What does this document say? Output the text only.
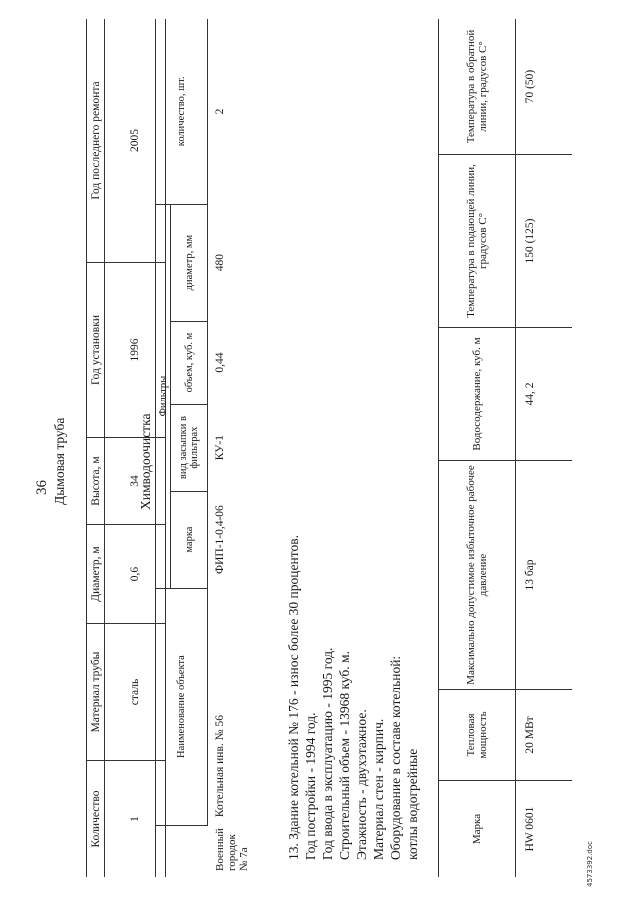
36 Дымовая труба
Количество	Материал трубы	Диаметр, м	Высота, м	Год установки	Год последнего ремонта
1	сталь	0,6	34	1996	2005
Химводоочистка
	Наименование объекта	Фильтры				количество, шт.
		марка	вид засыпки в фильтрах	объем, куб. м	диаметр, мм	
Военный городок № 7а	Котельная инв. № 56	ФИП-1-0,4-06	КУ-1	0,44	480	2
13. Здание котельной № 176 - износ более 30 процентов. Год постройки - 1994 год. Год ввода в эксплуатацию - 1995 год. Строительный объем - 13968 куб. м. Этажность - двухэтажное. Материал стен - кирпич. Оборудование в составе котельной: котлы водогрейные	Марка	Тепловая мощность	Максимально допустимое избыточное рабочее давление	Водосодержание, куб. м	Температура в подающей линии, градусов С°	Температура в обратной линии, градусов С°
HW 0601	20 МВт	13 бар	44, 2	150 (125)	70 (50)
4573392.doc
